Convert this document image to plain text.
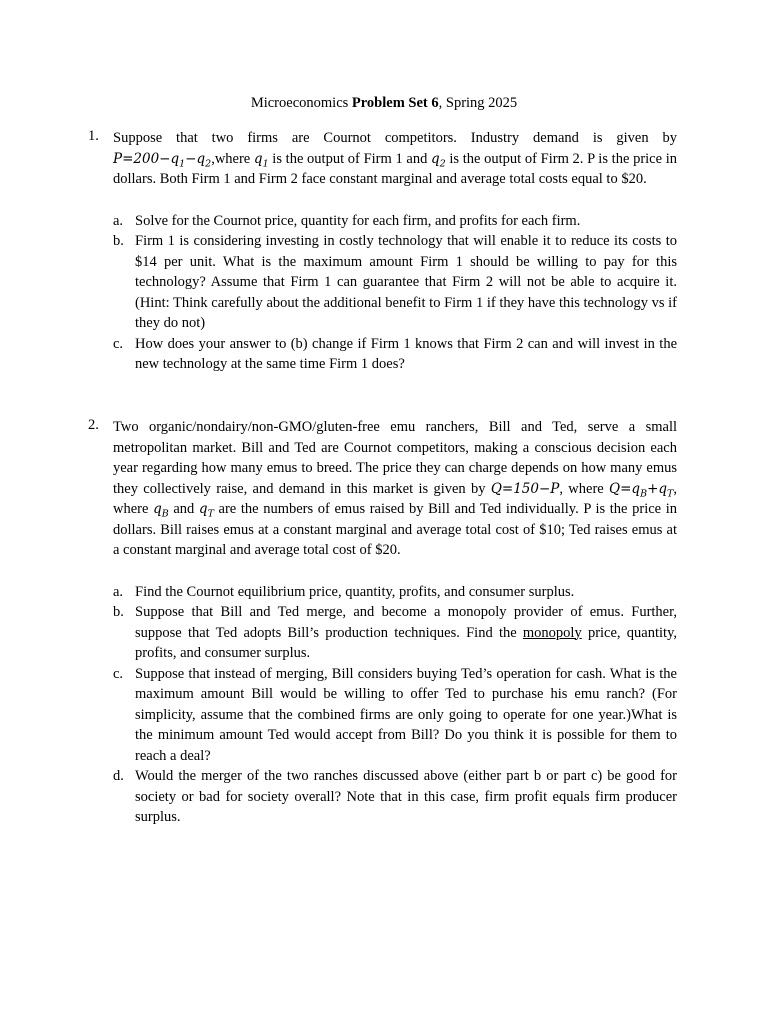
Microeconomics Problem Set 6, Spring 2025
1. Suppose that two firms are Cournot competitors. Industry demand is given by $P=200-q_1-q_2,where$ $q_1$ is the output of Firm 1 and $q_2$ is the output of Firm 2. P is the price in dollars. Both Firm 1 and Firm 2 face constant marginal and average total costs equal to $20.
a. Solve for the Cournot price, quantity for each firm, and profits for each firm.
b. Firm 1 is considering investing in costly technology that will enable it to reduce its costs to $14 per unit. What is the maximum amount Firm 1 should be willing to pay for this technology? Assume that Firm 1 can guarantee that Firm 2 will not be able to acquire it. (Hint: Think carefully about the additional benefit to Firm 1 if they have this technology vs if they do not)
c. How does your answer to (b) change if Firm 1 knows that Firm 2 can and will invest in the new technology at the same time Firm 1 does?
2. Two organic/nondairy/non-GMO/gluten-free emu ranchers, Bill and Ted, serve a small metropolitan market. Bill and Ted are Cournot competitors, making a conscious decision each year regarding how many emus to breed. The price they can charge depends on how many emus they collectively raise, and demand in this market is given by Q=150−P, where $Q=q_B+q_T$, where $q_B$ and $q_T$ are the numbers of emus raised by Bill and Ted individually. P is the price in dollars. Bill raises emus at a constant marginal and average total cost of $10; Ted raises emus at a constant marginal and average total cost of $20.
a. Find the Cournot equilibrium price, quantity, profits, and consumer surplus.
b. Suppose that Bill and Ted merge, and become a monopoly provider of emus. Further, suppose that Ted adopts Bill’s production techniques. Find the monopoly price, quantity, profits, and consumer surplus.
c. Suppose that instead of merging, Bill considers buying Ted’s operation for cash. What is the maximum amount Bill would be willing to offer Ted to purchase his emu ranch? (For simplicity, assume that the combined firms are only going to operate for one year.)What is the minimum amount Ted would accept from Bill? Do you think it is possible for them to reach a deal?
d. Would the merger of the two ranches discussed above (either part b or part c) be good for society or bad for society overall? Note that in this case, firm profit equals firm producer surplus.
